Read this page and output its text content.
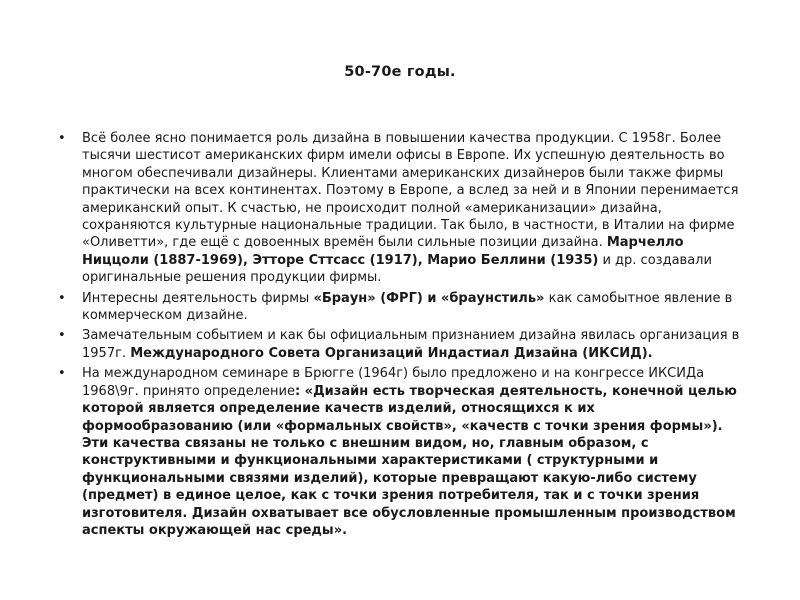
50-70е годы.
•	Всё более ясно понимается роль дизайна в повышении качества продукции. С 1958г. Более тысячи шестисот американских фирм имели офисы в Европе. Их успешную деятельность во многом обеспечивали дизайнеры. Клиентами американских дизайнеров были также фирмы практически на всех континентах. Поэтому в Европе, а вслед за ней и в Японии перенимается американский опыт. К счастью, не происходит полной «американизации» дизайна, сохраняются культурные национальные традиции. Так было, в частности, в Италии на фирме «Оливетти», где ещё с довоенных времён были сильные позиции дизайна. Марчелло Ниццоли (1887-1969), Этторе Сттсасс (1917), Марио Беллини (1935) и др. создавали оригинальные решения продукции фирмы.
•	Интересны деятельность фирмы «Браун» (ФРГ) и «браунстиль» как самобытное явление в коммерческом дизайне.
•	Замечательным событием и как бы официальным признанием дизайна явилась организация в 1957г. Международного Совета Организаций Индастиал Дизайна (ИКСИД).
•	На международном семинаре в Брюгге (1964г) было предложено и на конгрессе ИКСИДа 1968\9г. принято определение: «Дизайн есть творческая деятельность, конечной целью которой является определение качеств изделий, относящихся к их формообразованию (или «формальных свойств», «качеств с точки зрения формы»). Эти качества связаны не только с внешним видом, но, главным образом, с конструктивными и функциональными характеристиками ( структурными и функциональными связями изделий), которые превращают какую-либо систему (предмет) в единое целое, как с точки зрения потребителя, так и с точки зрения изготовителя. Дизайн охватывает все обусловленные промышленным производством аспекты окружающей нас среды».
